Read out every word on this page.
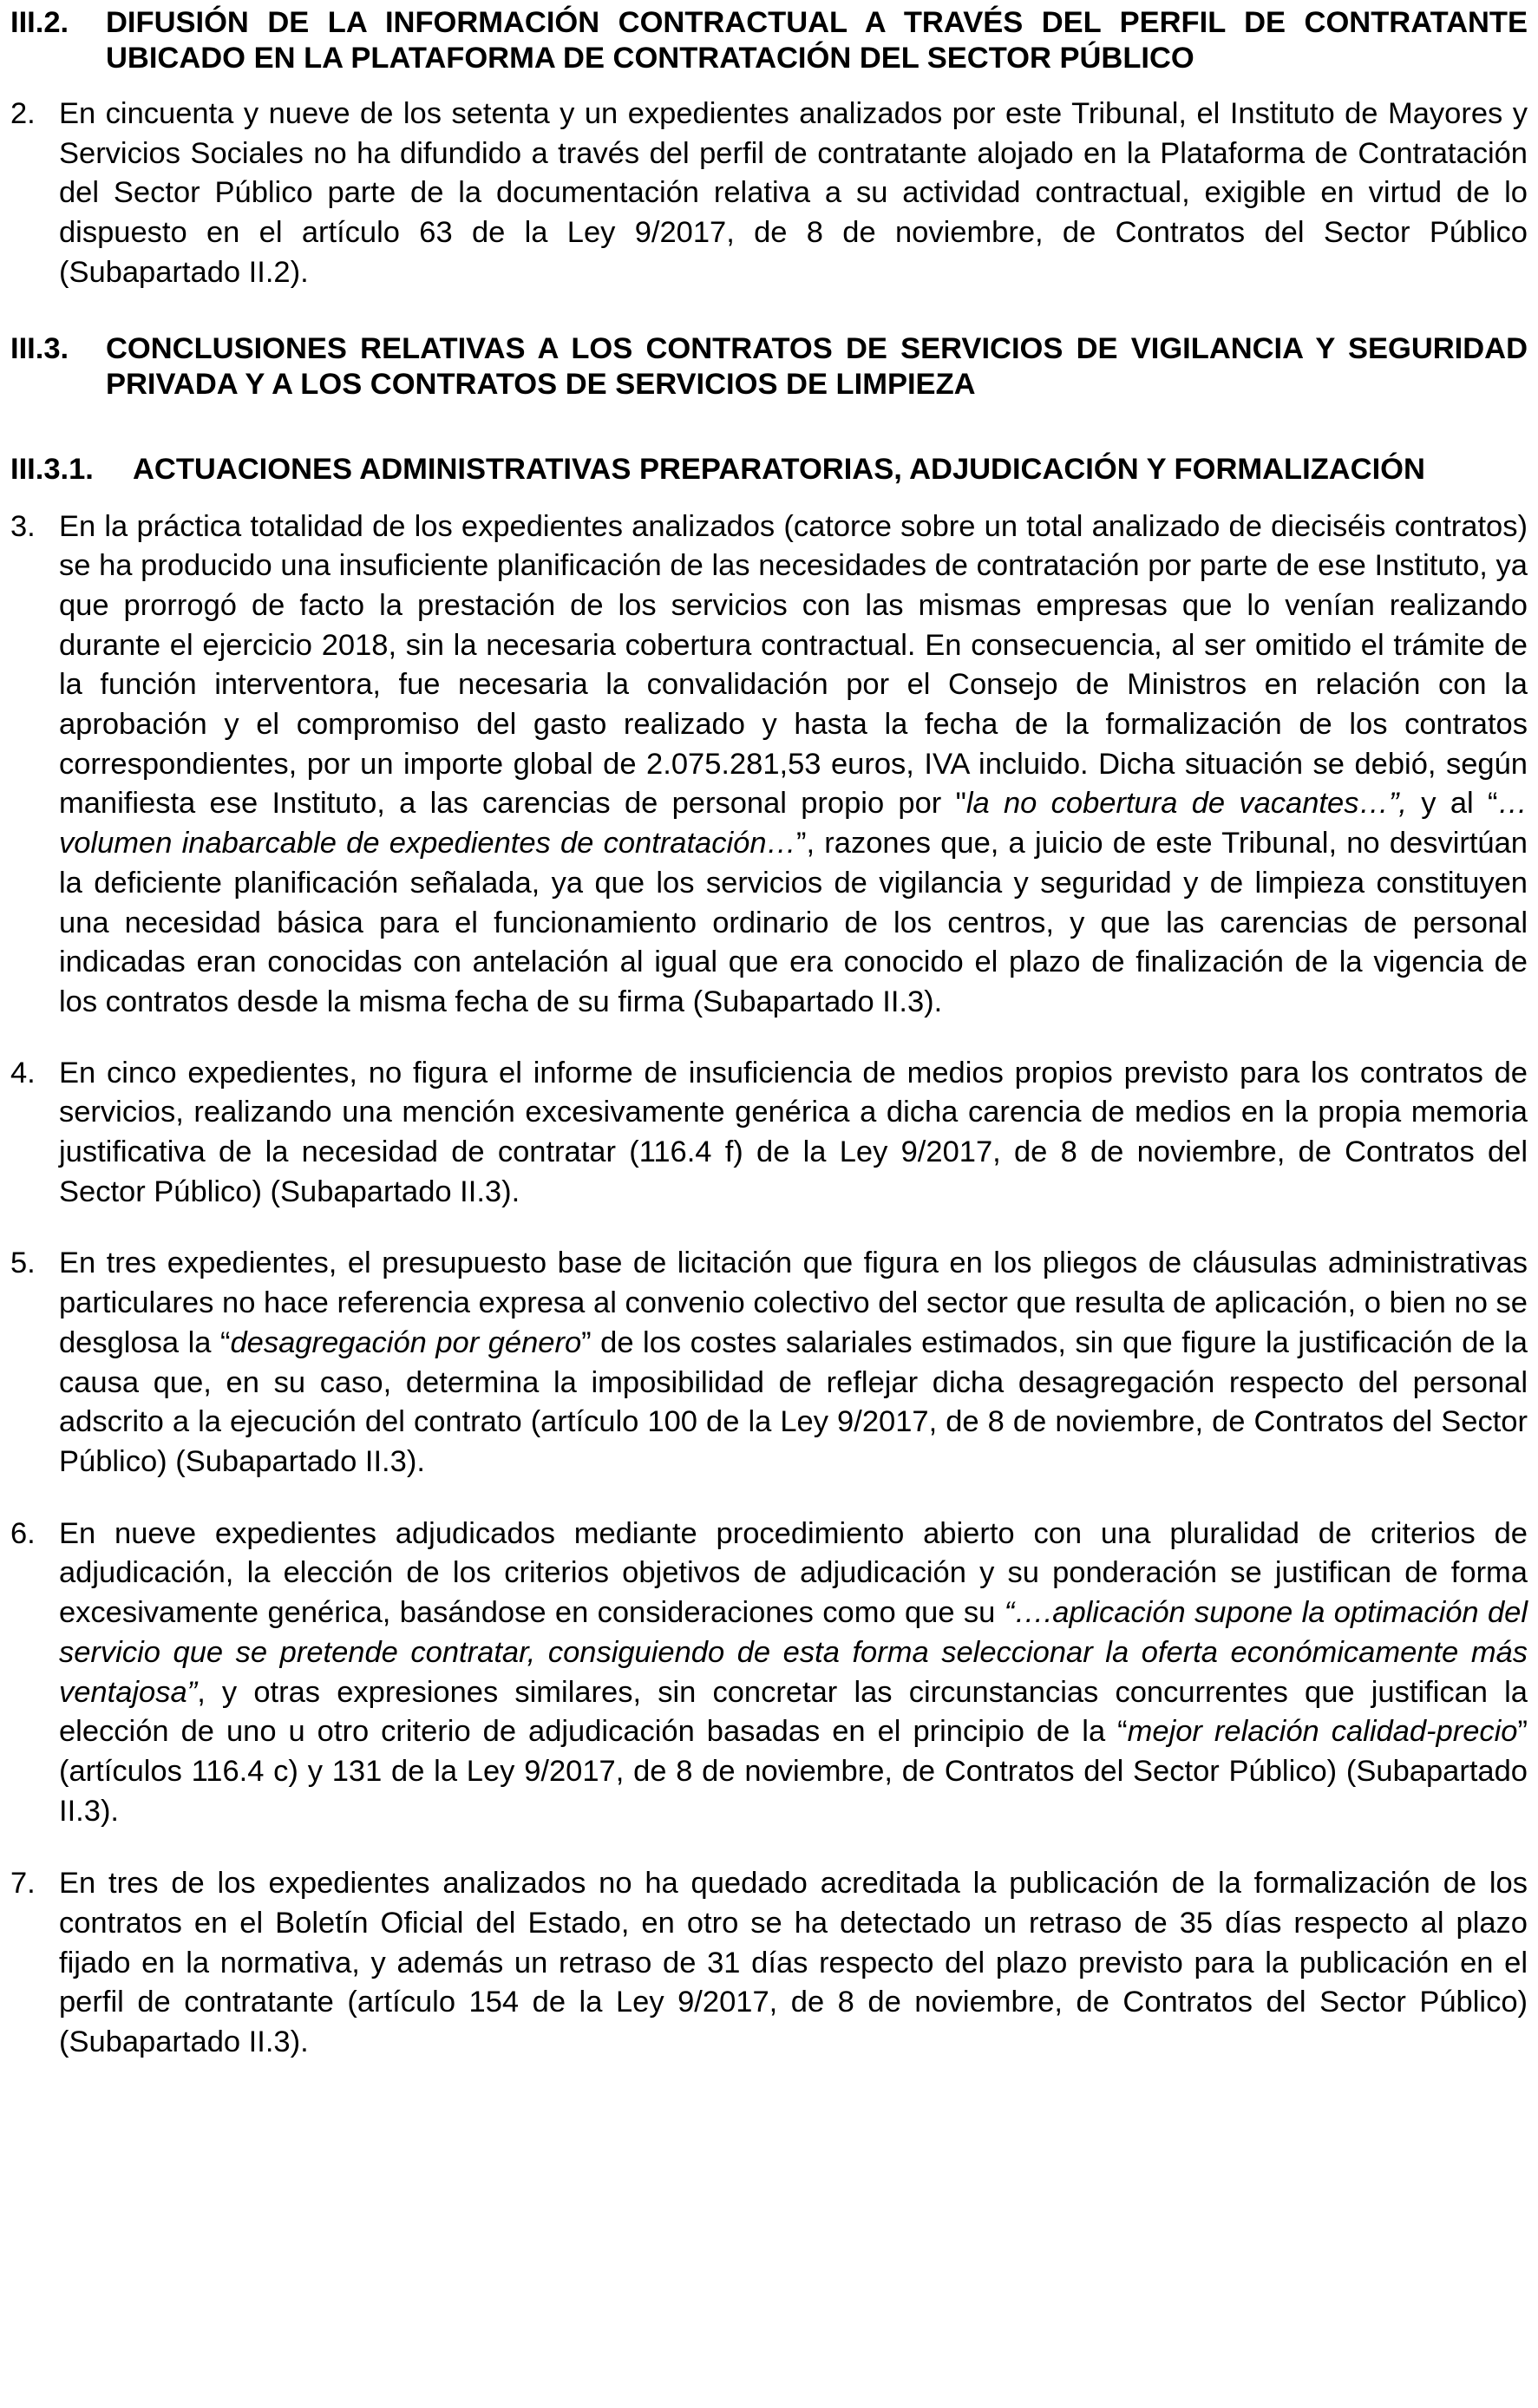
III.2.	DIFUSIÓN DE LA INFORMACIÓN CONTRACTUAL A TRAVÉS DEL PERFIL DE CONTRATANTE UBICADO EN LA PLATAFORMA DE CONTRATACIÓN DEL SECTOR PÚBLICO
2. En cincuenta y nueve de los setenta y un expedientes analizados por este Tribunal, el Instituto de Mayores y Servicios Sociales no ha difundido a través del perfil de contratante alojado en la Plataforma de Contratación del Sector Público parte de la documentación relativa a su actividad contractual, exigible en virtud de lo dispuesto en el artículo 63 de la Ley 9/2017, de 8 de noviembre, de Contratos del Sector Público (Subapartado II.2).
III.3.	CONCLUSIONES RELATIVAS A LOS CONTRATOS DE SERVICIOS DE VIGILANCIA Y SEGURIDAD PRIVADA Y A LOS CONTRATOS DE SERVICIOS DE LIMPIEZA
III.3.1.	ACTUACIONES ADMINISTRATIVAS PREPARATORIAS, ADJUDICACIÓN Y FORMALIZACIÓN
3. En la práctica totalidad de los expedientes analizados (catorce sobre un total analizado de dieciséis contratos) se ha producido una insuficiente planificación de las necesidades de contratación por parte de ese Instituto, ya que prorrogó de facto la prestación de los servicios con las mismas empresas que lo venían realizando durante el ejercicio 2018, sin la necesaria cobertura contractual. En consecuencia, al ser omitido el trámite de la función interventora, fue necesaria la convalidación por el Consejo de Ministros en relación con la aprobación y el compromiso del gasto realizado y hasta la fecha de la formalización de los contratos correspondientes, por un importe global de 2.075.281,53 euros, IVA incluido. Dicha situación se debió, según manifiesta ese Instituto, a las carencias de personal propio por "la no cobertura de vacantes…”, y al “…volumen inabarcable de expedientes de contratación…”, razones que, a juicio de este Tribunal, no desvirtúan la deficiente planificación señalada, ya que los servicios de vigilancia y seguridad y de limpieza constituyen una necesidad básica para el funcionamiento ordinario de los centros, y que las carencias de personal indicadas eran conocidas con antelación al igual que era conocido el plazo de finalización de la vigencia de los contratos desde la misma fecha de su firma (Subapartado II.3).
4. En cinco expedientes, no figura el informe de insuficiencia de medios propios previsto para los contratos de servicios, realizando una mención excesivamente genérica a dicha carencia de medios en la propia memoria justificativa de la necesidad de contratar (116.4 f) de la Ley 9/2017, de 8 de noviembre, de Contratos del Sector Público) (Subapartado II.3).
5. En tres expedientes, el presupuesto base de licitación que figura en los pliegos de cláusulas administrativas particulares no hace referencia expresa al convenio colectivo del sector que resulta de aplicación, o bien no se desglosa la “desagregación por género” de los costes salariales estimados, sin que figure la justificación de la causa que, en su caso, determina la imposibilidad de reflejar dicha desagregación respecto del personal adscrito a la ejecución del contrato (artículo 100 de la Ley 9/2017, de 8 de noviembre, de Contratos del Sector Público) (Subapartado II.3).
6. En nueve expedientes adjudicados mediante procedimiento abierto con una pluralidad de criterios de adjudicación, la elección de los criterios objetivos de adjudicación y su ponderación se justifican de forma excesivamente genérica, basándose en consideraciones como que su “….aplicación supone la optimación del servicio que se pretende contratar, consiguiendo de esta forma seleccionar la oferta económicamente más ventajosa”, y otras expresiones similares, sin concretar las circunstancias concurrentes que justifican la elección de uno u otro criterio de adjudicación basadas en el principio de la “mejor relación calidad-precio” (artículos 116.4 c) y 131 de la Ley 9/2017, de 8 de noviembre, de Contratos del Sector Público) (Subapartado II.3).
7. En tres de los expedientes analizados no ha quedado acreditada la publicación de la formalización de los contratos en el Boletín Oficial del Estado, en otro se ha detectado un retraso de 35 días respecto al plazo fijado en la normativa, y además un retraso de 31 días respecto del plazo previsto para la publicación en el perfil de contratante (artículo 154 de la Ley 9/2017, de 8 de noviembre, de Contratos del Sector Público) (Subapartado II.3).
